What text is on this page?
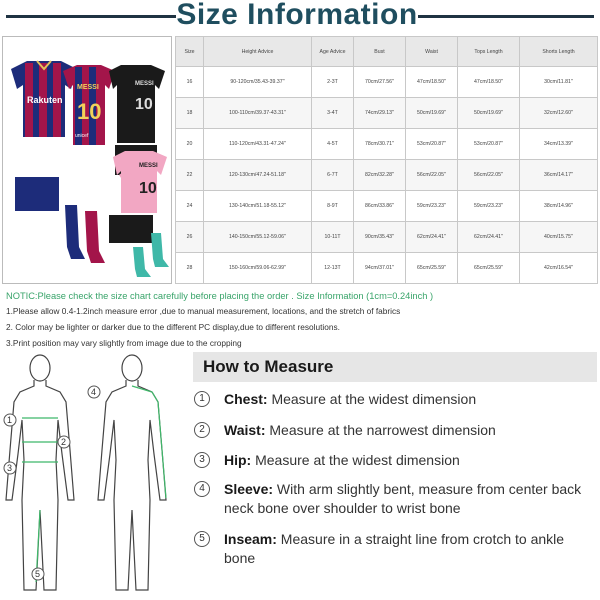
Size Information
Rakuten
MESSI
10
unicef
MESSI
10
MESSI
10
Size	Height Advice	Age Advice	Bust	Waist	Tops Length	Shorts Length
16	90-120cm/35.43-39.37''	2-3T	70cm/27.56''	47cm/18.50''	47cm/18.50''	30cm/11.81''
18	100-110cm/39.37-43.31''	3-4T	74cm/29.13''	50cm/19.69''	50cm/19.69''	32cm/12.60''
20	110-120cm/43.31-47.24''	4-5T	78cm/30.71''	53cm/20.87''	53cm/20.87''	34cm/13.39''
22	120-130cm/47.24-51.18''	6-7T	82cm/32.28''	56cm/22.05''	56cm/22.05''	36cm/14.17''
24	130-140cm/51.18-55.12''	8-9T	86cm/33.86''	59cm/23.23''	59cm/23.23''	38cm/14.96''
26	140-150cm/55.12-59.06''	10-11T	90cm/35.43''	62cm/24.41''	62cm/24.41''	40cm/15.75''
28	150-160cm/59.06-62.99''	12-13T	94cm/37.01''	65cm/25.59''	65cm/25.59''	42cm/16.54''
NOTIC:Please check the size chart carefully before placing the order . Size Information (1cm=0.24inch )
1.Please allow 0.4-1.2inch measure error ,due to manual measurement, locations, and the stretch of fabrics
2. Color may be lighter or darker due to the different PC display,due to different resolutions.
3.Print position may vary slightly from image due to the cropping
1
2
3
4
5
How to Measure
1	Chest: Measure at the widest dimension
2	Waist: Measure at the narrowest dimension
3	Hip: Measure at the widest dimension
4	Sleeve: With arm slightly bent, measure from center back neck bone over shoulder to wrist bone
5	Inseam: Measure in a straight line from crotch to ankle bone
